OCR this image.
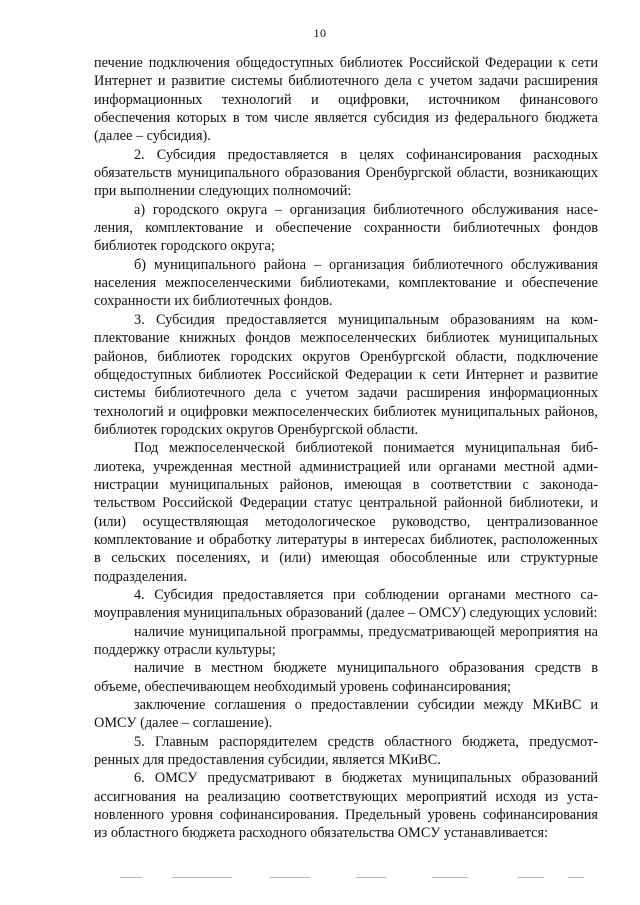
10

печение подключения общедоступных библиотек Российской Федерации к сети Интернет и развитие системы библиотечного дела с учетом задачи расширения информационных технологий и оцифровки, источником финансового обеспечения которых в том числе является субсидия из федерального бюджета (далее – субсидия).

2. Субсидия предоставляется в целях софинансирования расходных обязательств муниципального образования Оренбургской области, возникающих при выполнении следующих полномочий:

а) городского округа – организация библиотечного обслуживания населения, комплектование и обеспечение сохранности библиотечных фондов библиотек городского округа;

б) муниципального района – организация библиотечного обслуживания населения межпоселенческими библиотеками, комплектование и обеспечение сохранности их библиотечных фондов.

3. Субсидия предоставляется муниципальным образованиям на комплектование книжных фондов межпоселенческих библиотек муниципальных районов, библиотек городских округов Оренбургской области, подключение общедоступных библиотек Российской Федерации к сети Интернет и развитие системы библиотечного дела с учетом задачи расширения информационных технологий и оцифровки межпоселенческих библиотек муниципальных районов, библиотек городских округов Оренбургской области.

Под межпоселенческой библиотекой понимается муниципальная библиотека, учрежденная местной администрацией или органами местной администрации муниципальных районов, имеющая в соответствии с законодательством Российской Федерации статус центральной районной библиотеки, и (или) осуществляющая методологическое руководство, централизованное комплектование и обработку литературы в интересах библиотек, расположенных в сельских поселениях, и (или) имеющая обособленные или структурные подразделения.

4. Субсидия предоставляется при соблюдении органами местного самоуправления муниципальных образований (далее – ОМСУ) следующих условий:

наличие муниципальной программы, предусматривающей мероприятия на поддержку отрасли культуры;

наличие в местном бюджете муниципального образования средств в объеме, обеспечивающем необходимый уровень софинансирования;

заключение соглашения о предоставлении субсидии между МКиВС и ОМСУ (далее – соглашение).

5. Главным распорядителем средств областного бюджета, предусмотренных для предоставления субсидии, является МКиВС.

6. ОМСУ предусматривают в бюджетах муниципальных образований ассигнования на реализацию соответствующих мероприятий исходя из установленного уровня софинансирования. Предельный уровень софинансирования из областного бюджета расходного обязательства ОМСУ устанавливается:
